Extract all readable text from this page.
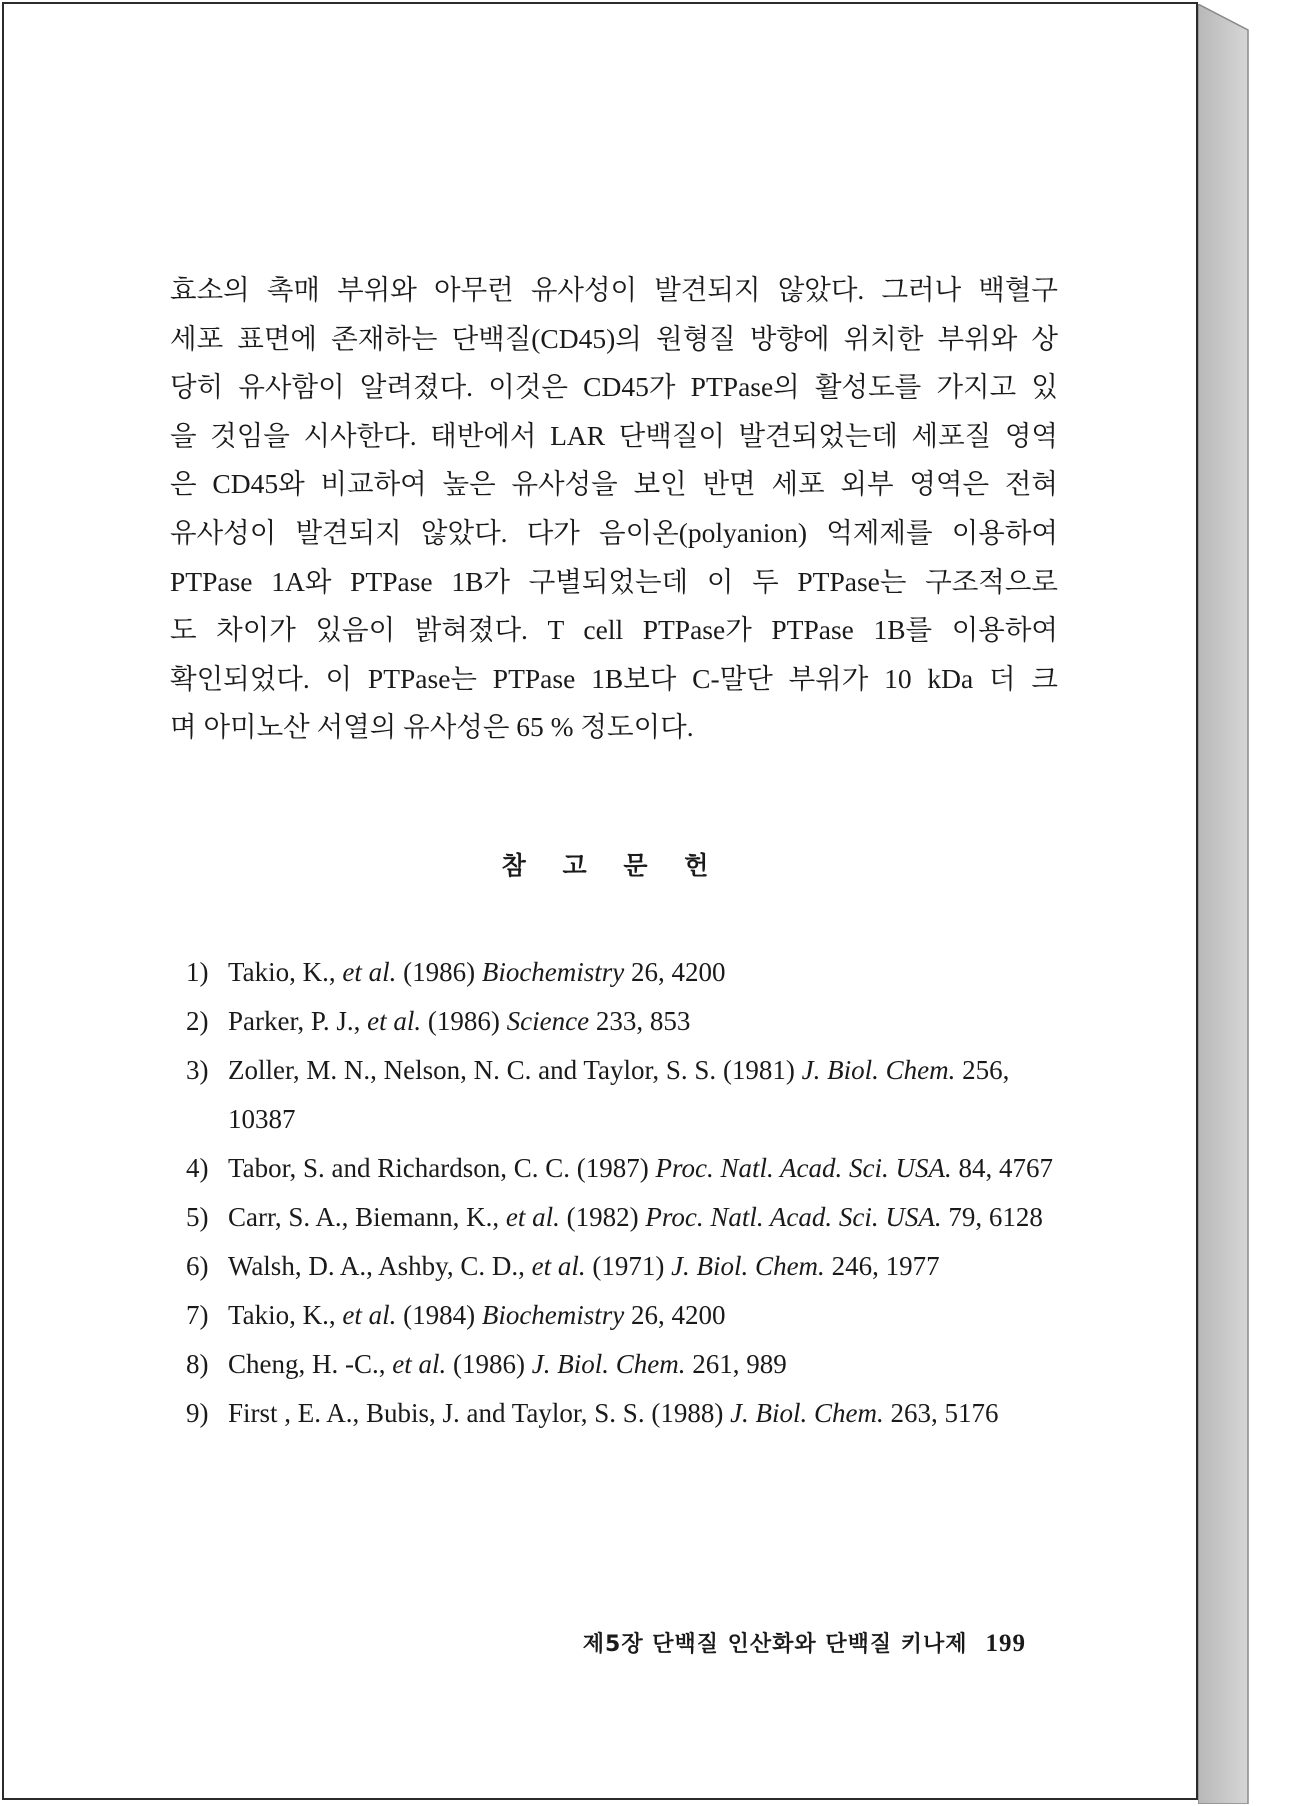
효소의 촉매 부위와 아무런 유사성이 발견되지 않았다. 그러나 백혈구
세포 표면에 존재하는 단백질(CD45)의 원형질 방향에 위치한 부위와 상
당히 유사함이 알려졌다. 이것은 CD45가 PTPase의 활성도를 가지고 있
을 것임을 시사한다. 태반에서 LAR 단백질이 발견되었는데 세포질 영역
은 CD45와 비교하여 높은 유사성을 보인 반면 세포 외부 영역은 전혀
유사성이 발견되지 않았다. 다가 음이온(polyanion) 억제제를 이용하여
PTPase 1A와 PTPase 1B가 구별되었는데 이 두 PTPase는 구조적으로
도 차이가 있음이 밝혀졌다. T cell PTPase가 PTPase 1B를 이용하여
확인되었다. 이 PTPase는 PTPase 1B보다 C-말단 부위가 10 kDa 더 크
며 아미노산 서열의 유사성은 65 % 정도이다.
참 고 문 헌
1) Takio, K., et al. (1986) Biochemistry 26, 4200
2) Parker, P. J., et al. (1986) Science 233, 853
3) Zoller, M. N., Nelson, N. C. and Taylor, S. S. (1981) J. Biol. Chem. 256, 10387
4) Tabor, S. and Richardson, C. C. (1987) Proc. Natl. Acad. Sci. USA. 84, 4767
5) Carr, S. A., Biemann, K., et al. (1982) Proc. Natl. Acad. Sci. USA. 79, 6128
6) Walsh, D. A., Ashby, C. D., et al. (1971) J. Biol. Chem. 246, 1977
7) Takio, K., et al. (1984) Biochemistry 26, 4200
8) Cheng, H. -C., et al. (1986) J. Biol. Chem. 261, 989
9) First , E. A., Bubis, J. and Taylor, S. S. (1988) J. Biol. Chem. 263, 5176
제5장 단백질 인산화와 단백질 키나제 199
